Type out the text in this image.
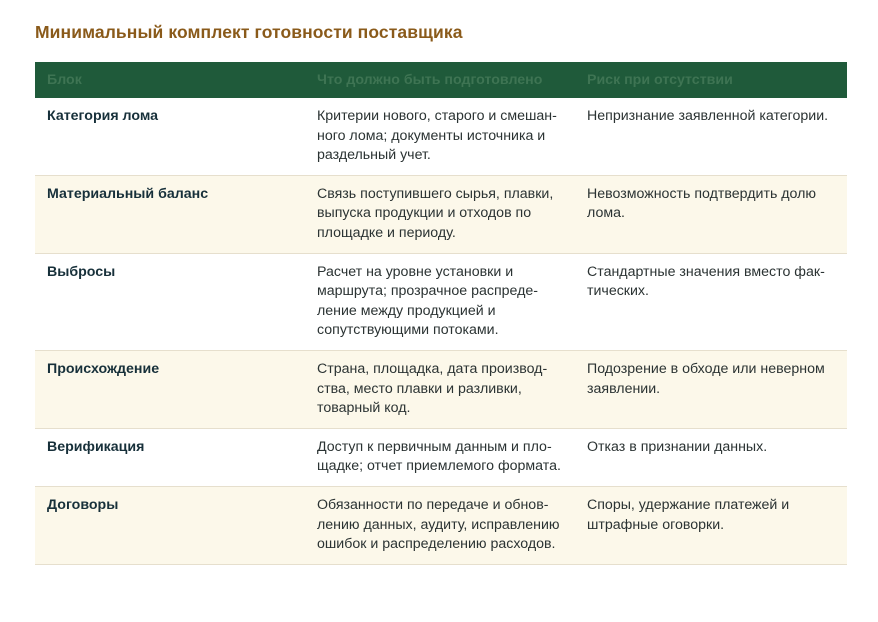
Минимальный комплект готовности поставщика
Блок	Что должно быть подготовлено	Риск при отсутствии
Категория лома	Критерии нового, старого и смешанного лома; документы источника и раздельный учет.	Непризнание заявленной категории.
Материальный баланс	Связь поступившего сырья, плавки, выпуска продукции и отходов по площадке и периоду.	Невозможность подтвердить долю лома.
Выбросы	Расчет на уровне установки и маршрута; прозрачное распределение между продукцией и сопутствующими потоками.	Стандартные значения вместо фактических.
Происхождение	Страна, площадка, дата производства, место плавки и разливки, товарный код.	Подозрение в обходе или неверном заявлении.
Верификация	Доступ к первичным данным и площадке; отчет приемлемого формата.	Отказ в признании данных.
Договоры	Обязанности по передаче и обновлению данных, аудиту, исправлению ошибок и распределению расходов.	Споры, удержание платежей и штрафные оговорки.
